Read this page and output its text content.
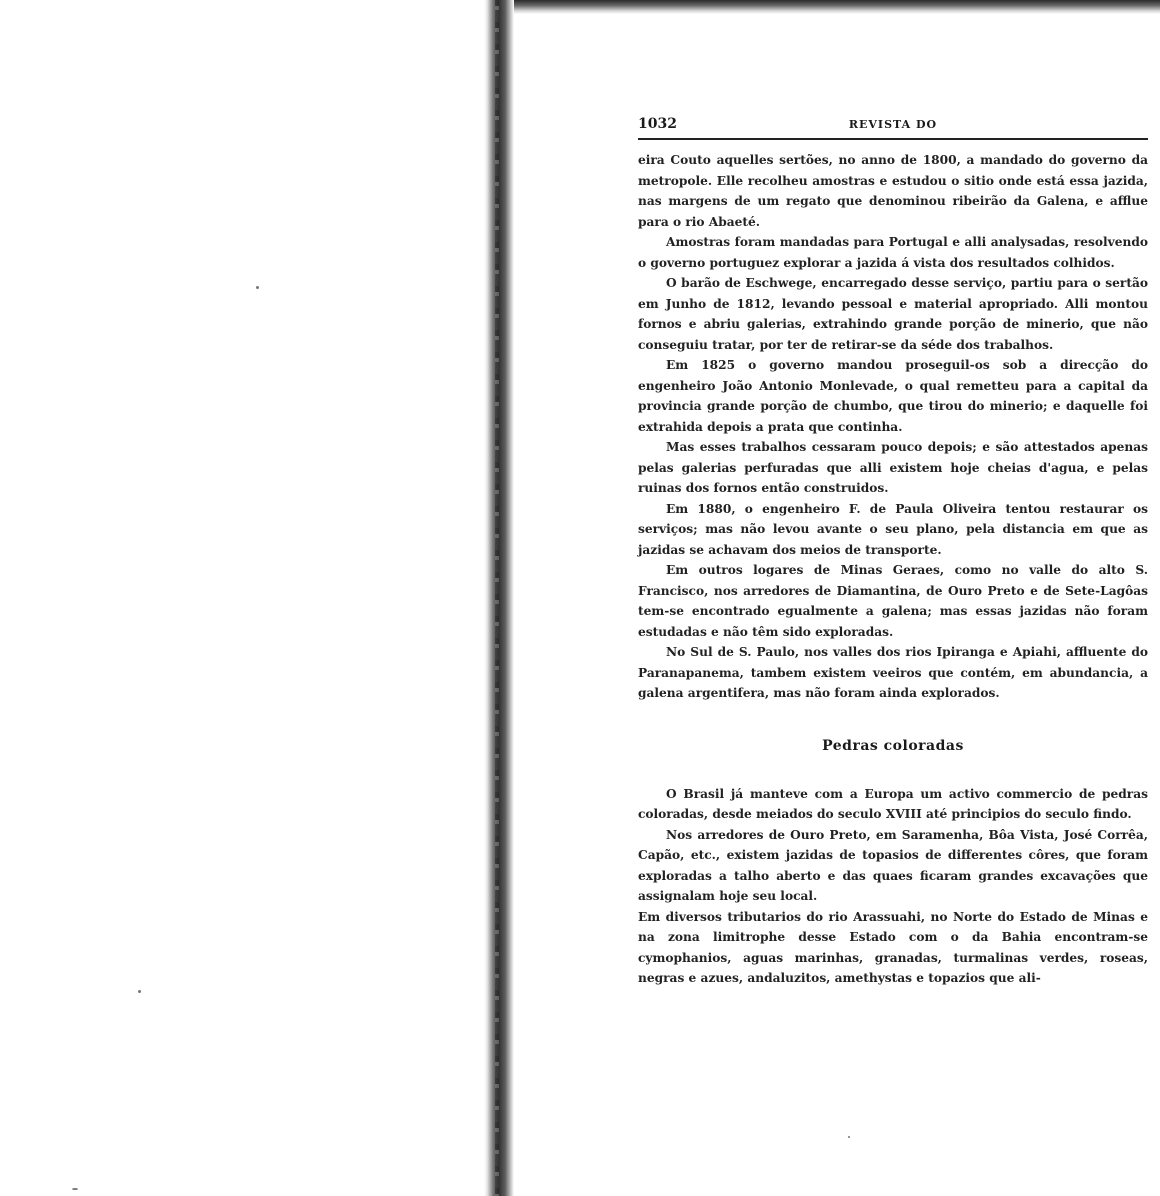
1032	REVISTA DO

eira Couto aquelles sertões, no anno de 1800, a mandado do governo da metropole. Elle recolheu amostras e estudou o sitio onde está essa jazida, nas margens de um regato que denominou ribeirão da Galena, e afflue para o rio Abaeté.

Amostras foram mandadas para Portugal e alli analysadas, resolvendo o governo portuguez explorar a jazida á vista dos resultados colhidos.

O barão de Eschwege, encarregado desse serviço, partiu para o sertão em Junho de 1812, levando pessoal e material apropriado. Alli montou fornos e abriu galerias, extrahindo grande porção de minerio, que não conseguiu tratar, por ter de retirar-se da séde dos trabalhos.

Em 1825 o governo mandou proseguil-os sob a direcção do engenheiro João Antonio Monlevade, o qual remetteu para a capital da provincia grande porção de chumbo, que tirou do minerio; e daquelle foi extrahida depois a prata que continha.

Mas esses trabalhos cessaram pouco depois; e são attestados apenas pelas galerias perfuradas que alli existem hoje cheias d'agua, e pelas ruinas dos fornos então construidos.

Em 1880, o engenheiro F. de Paula Oliveira tentou restaurar os serviços; mas não levou avante o seu plano, pela distancia em que as jazidas se achavam dos meios de transporte.

Em outros logares de Minas Geraes, como no valle do alto S. Francisco, nos arredores de Diamantina, de Ouro Preto e de Sete-Lagôas tem-se encontrado egualmente a galena; mas essas jazidas não foram estudadas e não têm sido exploradas.

No Sul de S. Paulo, nos valles dos rios Ipiranga e Apiahi, affluente do Paranapanema, tambem existem veeiros que contém, em abundancia, a galena argentifera, mas não foram ainda explorados.

Pedras coloradas

O Brasil já manteve com a Europa um activo commercio de pedras coloradas, desde meiados do seculo XVIII até principios do seculo findo.

Nos arredores de Ouro Preto, em Saramenha, Bôa Vista, José Corrêa, Capão, etc., existem jazidas de topasios de differentes côres, que foram exploradas a talho aberto e das quaes ficaram grandes excavações que assignalam hoje seu local.

Em diversos tributarios do rio Arassuahi, no Norte do Estado de Minas e na zona limitrophe desse Estado com o da Bahia encontram-se cymophanios, aguas marinhas, granadas, turmalinas verdes, roseas, negras e azues, andaluzitos, amethystas e topazios que ali-
